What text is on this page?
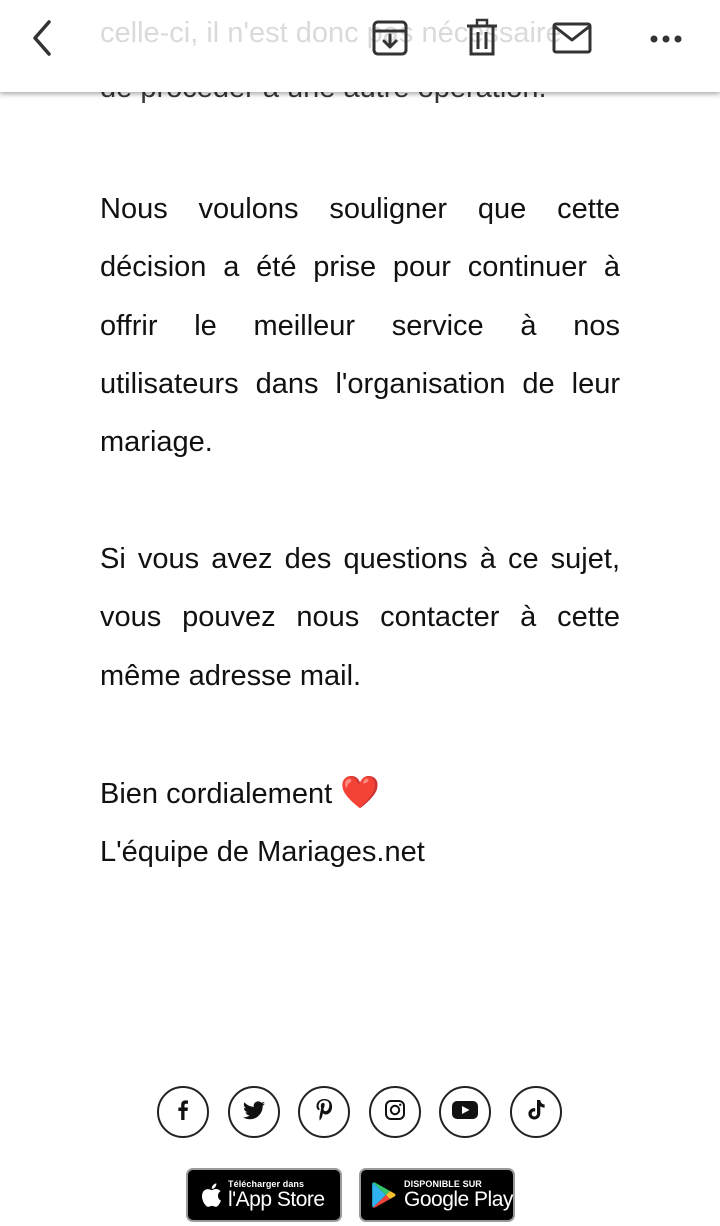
Nous voulons souligner que cette décision a été prise pour continuer à offrir le meilleur service à nos utilisateurs dans l'organisation de leur mariage.
Si vous avez des questions à ce sujet, vous pouvez nous contacter à cette même adresse mail.
Bien cordialement ❤️
L'équipe de Mariages.net
celle-ci, il n'est donc pas nécessaire
Télécharger dans
l'App Store
DISPONIBLE SUR
Google Play
